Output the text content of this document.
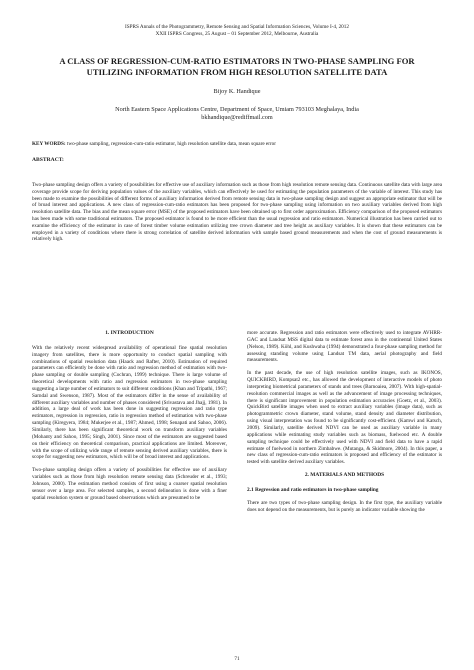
ISPRS Annals of the Photogrammetry, Remote Sensing and Spatial Information Sciences, Volume I-4, 2012
XXII ISPRS Congress, 25 August – 01 September 2012, Melbourne, Australia
A CLASS OF REGRESSION-CUM-RATIO ESTIMATORS IN TWO-PHASE SAMPLING FOR UTILIZING INFORMATION FROM HIGH RESOLUTION SATELLITE DATA
Bijoy K. Handique
North Eastern Space Applications Centre, Department of Space, Umiam 793103 Meghalaya, India
bkhandique@rediffmail.com
KEY WORDS: two-phase sampling, regression-cum-ratio estimator, high resolution satellite data, mean square error
ABSTRACT:

Two-phase sampling design offers a variety of possibilities for effective use of auxiliary information such as those from high resolution remote sensing data. Continuous satellite data with large area coverage provide scope for deriving population values of the auxiliary variables, which can effectively be used for estimating the population parameters of the variable of interest. This study has been made to examine the possibilities of different forms of auxiliary information derived from remote sensing data in two-phase sampling design and suggest an appropriate estimator that will be of broad interest and applications. A new class of regression-cum-ratio estimators has been proposed for two-phase sampling using information on two auxiliary variables derived from high resolution satellite data. The bias and the mean square error (MSE) of the proposed estimators have been obtained up to first order approximation. Efficiency comparison of the proposed estimators has been made with some traditional estimators. The proposed estimator is found to be more efficient than the usual regression and ratio estimators. Numerical illustration has been carried out to examine the efficiency of the estimator in case of forest timber volume estimation utilizing tree crown diameter and tree height as auxiliary variables. It is shown that these estimators can be employed in a variety of conditions where there is strong correlation of satellite derived information with sample based ground measurements and when the cost of ground measurements is relatively high.

1. INTRODUCTION

With the relatively recent widespread availability of operational fine spatial resolution imagery from satellites, there is more opportunity to conduct spatial sampling with combinations of spatial resolution data (Haack and Rafter, 2010). Estimation of required parameters can efficiently be done with ratio and regression method of estimation with two-phase sampling or double sampling (Cochran, 1999) technique. There is large volume of theoretical developments with ratio and regression estimators in two-phase sampling suggesting a large number of estimators to suit different conditions (Khan and Tripathi, 1967; Sarndal and Swenson, 1987). Most of the estimators differ in the sense of availability of different auxiliary variables and number of phases considered (Srivastava and Jhajj, 1981). In addition, a large deal of work has been done in suggesting regression and ratio type estimators, regression in regression, ratio in regression method of estimation with two-phase sampling (Kiregyera, 1984; Mukerjee et al., 1987; Ahmed, 1998; Senapati and Sahoo, 2006). Similarly, there has been significant theoretical work on transform auxiliary variables (Mohanty and Sahoo, 1995; Singh, 2001). Since most of the estimators are suggested based on their efficiency on theoretical comparison, practical applications are limited. Moreover, with the scope of utilizing wide range of remote sensing derived auxiliary variables, there is scope for suggesting new estimators, which will be of broad interest and applications.

Two-phase sampling design offers a variety of possibilities for effective use of auxiliary variables such as those from high resolution remote sensing data (Schreuder et al., 1993; Johnson, 2000). The estimation method consists of first using a coarser spatial resolution sensor over a large area. For selected samples, a second delineation is done with a finer spatial resolution system or ground based observations which are presumed to be

more accurate. Regression and ratio estimators were effectively used to integrate AVHRR-GAC and Landsat MSS digital data to estimate forest area in the continental United States (Nelson, 1989). Köhl, and Kushwaha (1994) demonstrated a four-phase sampling method for assessing standing volume using Landsat TM data, aerial photography and field measurements.

In the past decade, the use of high resolution satellite images, such as IKONOS, QUICKBIRD, Kompsat2 etc., has allowed the development of interactive models of photo interpreting biometrical parameters of stands and trees (Barnoaiea, 2007). With high-spatial-resolution commercial images as well as the advancement of image processing techniques, there is significant improvement in population estimation accuracies (Goetz, et al., 2003). QuickBird satellite images when used to extract auxiliary variables (image data), such as photogrammetric crown diameter, stand volume, stand density and diameter distribution, using visual interpretation was found to be significantly cost-efficient. (Kamwi and Katsch, 2009). Similarly, satellite derived NDVI can be used as auxiliary variable in many applications while estimating study variables such as biomass, fuelwood etc. A double sampling technique could be effectively used with NDVI and field data to have a rapid estimate of fuelwood in northern Zimbabwe. (Mutanga, & Skidmore, 2004). In this paper, a new class of regression-cum-ratio estimators is proposed and efficiency of the estimator is tested with satellite derived auxiliary variables.

2. MATERIALS AND METHODS
2.1 Regression and ratio estimators in two-phase sampling

There are two types of two-phase sampling design. In the first type, the auxiliary variable does not depend on the measurements, but is purely an indicator variable showing the

71
